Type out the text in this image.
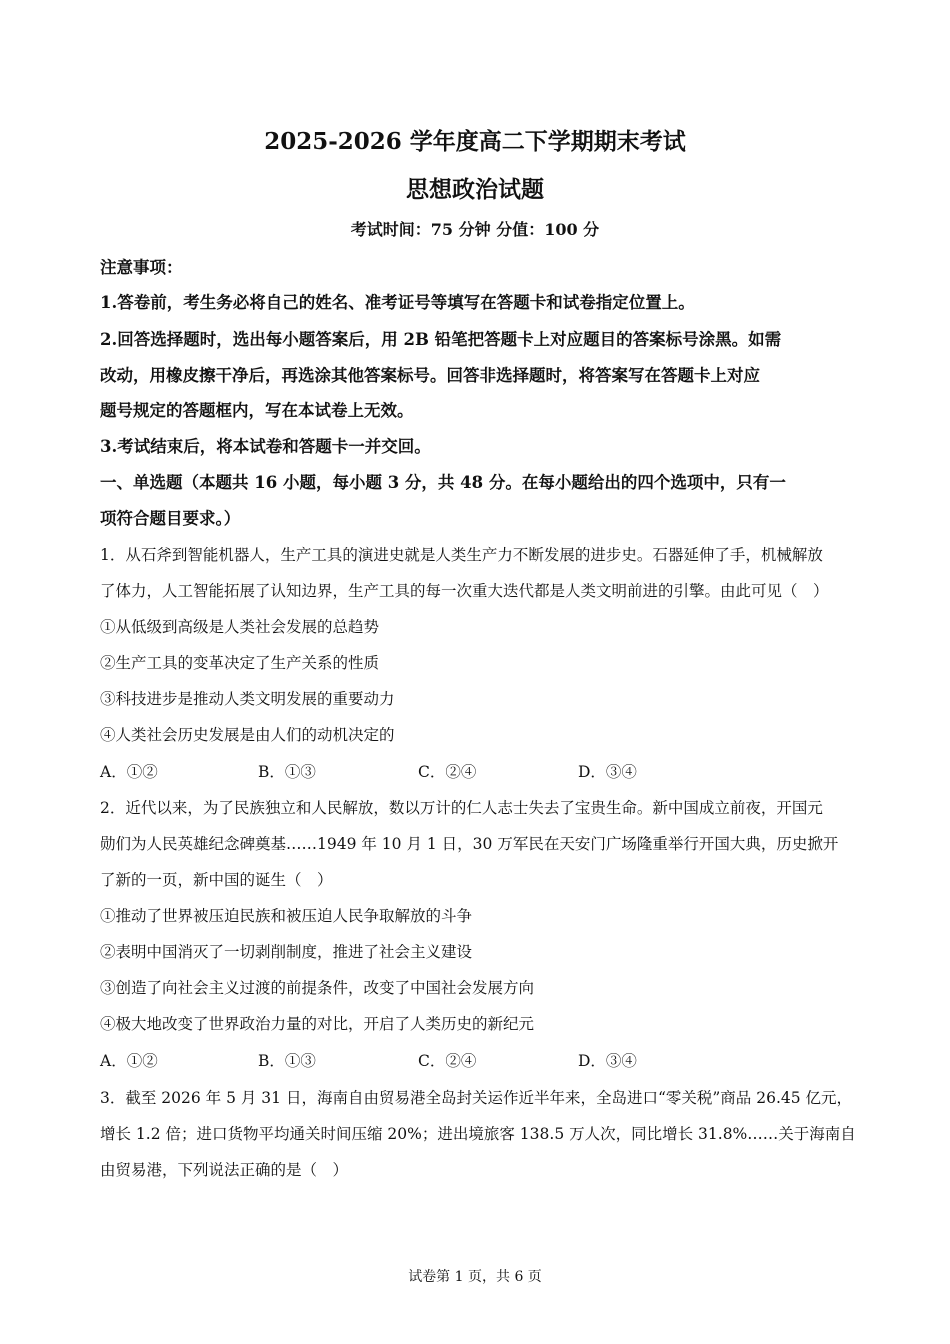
2025-2026 学年度高二下学期期末考试
思想政治试题
考试时间：75 分钟 分值：100 分
注意事项：
1.答卷前，考生务必将自己的姓名、准考证号等填写在答题卡和试卷指定位置上。
2.回答选择题时，选出每小题答案后，用 2B 铅笔把答题卡上对应题目的答案标号涂黑。如需
改动，用橡皮擦干净后，再选涂其他答案标号。回答非选择题时，将答案写在答题卡上对应
题号规定的答题框内，写在本试卷上无效。
3.考试结束后，将本试卷和答题卡一并交回。
一、单选题（本题共 16 小题，每小题 3 分，共 48 分。在每小题给出的四个选项中，只有一
项符合题目要求。）
1．从石斧到智能机器人，生产工具的演进史就是人类生产力不断发展的进步史。石器延伸了手，机械解放
了体力，人工智能拓展了认知边界，生产工具的每一次重大迭代都是人类文明前进的引擎。由此可见（　）
①从低级到高级是人类社会发展的总趋势
②生产工具的变革决定了生产关系的性质
③科技进步是推动人类文明发展的重要动力
④人类社会历史发展是由人们的动机决定的
A．①②	B．①③	C．②④	D．③④
2．近代以来，为了民族独立和人民解放，数以万计的仁人志士失去了宝贵生命。新中国成立前夜，开国元
勋们为人民英雄纪念碑奠基……1949 年 10 月 1 日，30 万军民在天安门广场隆重举行开国大典，历史掀开
了新的一页，新中国的诞生（　）
①推动了世界被压迫民族和被压迫人民争取解放的斗争
②表明中国消灭了一切剥削制度，推进了社会主义建设
③创造了向社会主义过渡的前提条件，改变了中国社会发展方向
④极大地改变了世界政治力量的对比，开启了人类历史的新纪元
A．①②	B．①③	C．②④	D．③④
3．截至 2026 年 5 月 31 日，海南自由贸易港全岛封关运作近半年来，全岛进口“零关税”商品 26.45 亿元，
增长 1.2 倍；进口货物平均通关时间压缩 20%；进出境旅客 138.5 万人次，同比增长 31.8%……关于海南自
由贸易港，下列说法正确的是（　）
试卷第 1 页，共 6 页
